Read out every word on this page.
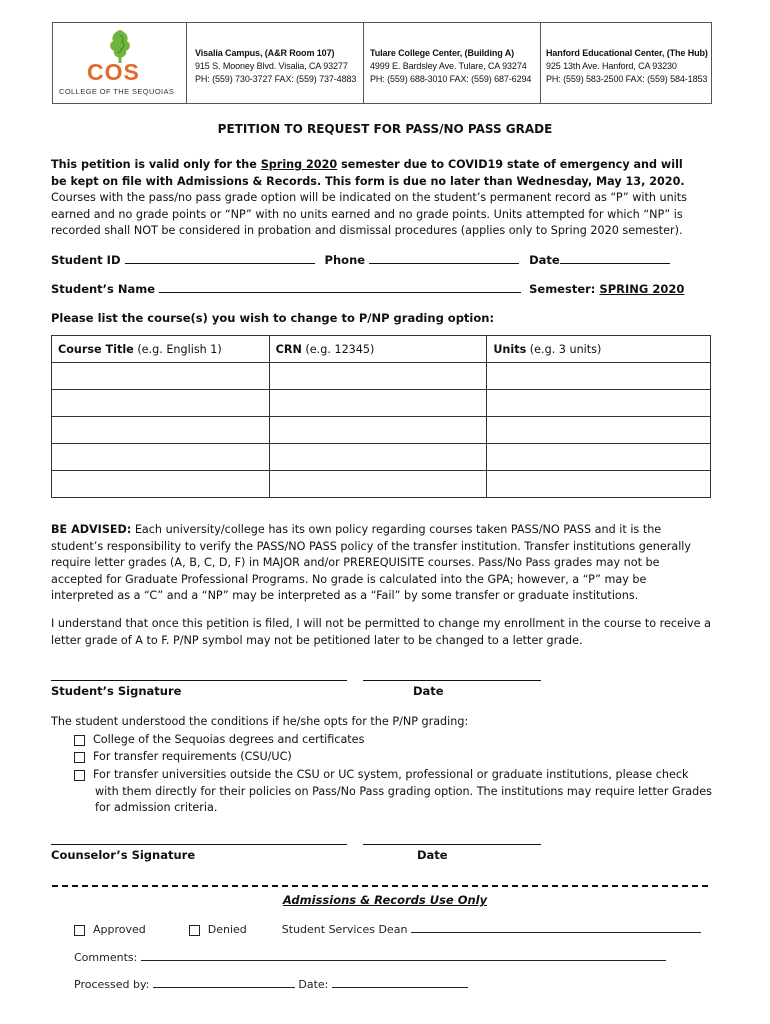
COS
COLLEGE OF THE SEQUOIAS
Visalia Campus, (A&R Room 107)
915 S. Mooney Blvd. Visalia, CA 93277
PH: (559) 730-3727 FAX: (559) 737-4883
Tulare College Center, (Building A)
4999 E. Bardsley Ave. Tulare, CA 93274
PH: (559) 688-3010 FAX: (559) 687-6294
Hanford Educational Center, (The Hub)
925 13th Ave. Hanford, CA 93230
PH: (559) 583-2500 FAX: (559) 584-1853
PETITION TO REQUEST FOR PASS/NO PASS GRADE
This petition is valid only for the Spring 2020 semester due to COVID19 state of emergency and will be kept on file with Admissions & Records. This form is due no later than Wednesday, May 13, 2020. Courses with the pass/no pass grade option will be indicated on the student’s permanent record as “P” with units earned and no grade points or “NP” with no units earned and no grade points. Units attempted for which “NP” is recorded shall NOT be considered in probation and dismissal procedures (applies only to Spring 2020 semester).
Student ID	Phone	Date
Student’s Name	Semester: SPRING 2020
Please list the course(s) you wish to change to P/NP grading option:
Course Title (e.g. English 1)	CRN (e.g. 12345)	Units (e.g. 3 units)

BE ADVISED: Each university/college has its own policy regarding courses taken PASS/NO PASS and it is the student’s responsibility to verify the PASS/NO PASS policy of the transfer institution. Transfer institutions generally require letter grades (A, B, C, D, F) in MAJOR and/or PREREQUISITE courses. Pass/No Pass grades may not be accepted for Graduate Professional Programs. No grade is calculated into the GPA; however, a “P” may be interpreted as a “C” and a “NP” may be interpreted as a “Fail” by some transfer or graduate institutions.
I understand that once this petition is filed, I will not be permitted to change my enrollment in the course to receive a letter grade of A to F. P/NP symbol may not be petitioned later to be changed to a letter grade.
Student’s Signature	Date
The student understood the conditions if he/she opts for the P/NP grading:
College of the Sequoias degrees and certificates
For transfer requirements (CSU/UC)
For transfer universities outside the CSU or UC system, professional or graduate institutions, please check with them directly for their policies on Pass/No Pass grading option. The institutions may require letter Grades for admission criteria.
Counselor’s Signature	Date
Admissions & Records Use Only
Approved	Denied	Student Services Dean
Comments:
Processed by:	Date:
